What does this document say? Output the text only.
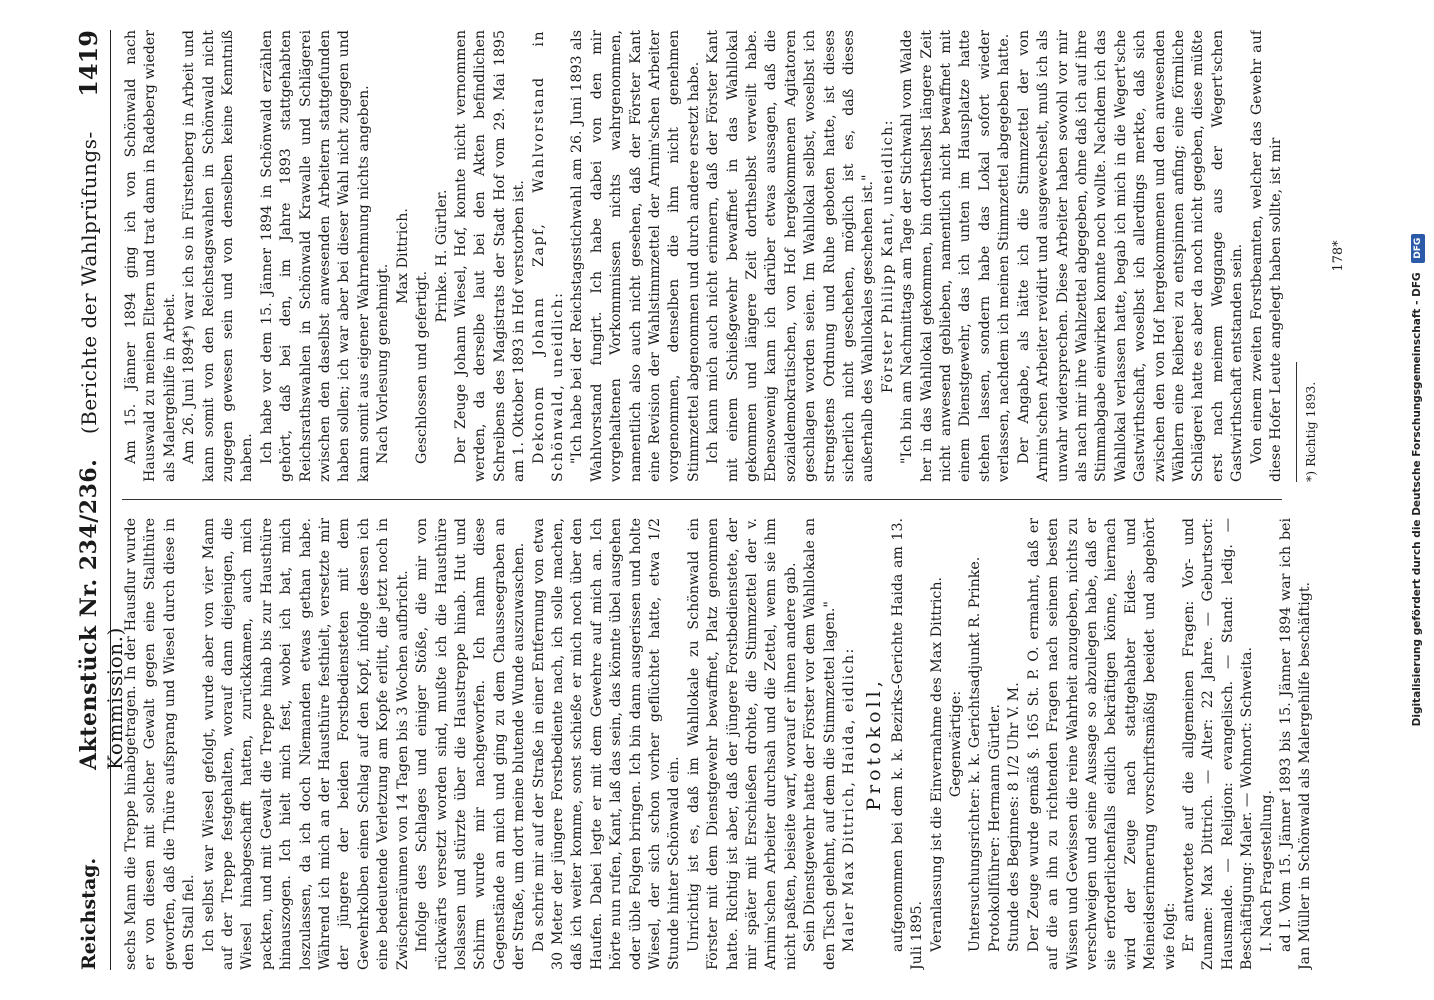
Reichstag.
Aktenstück Nr. 234/236.   (Berichte der Wahlprüfungs-Kommission.)
1419

sechs Mann die Treppe hinabgetragen. In der Hausflur wurde er von diesen mit solcher Gewalt gegen eine Stallthüre geworfen, daß die Thüre aufsprang und Wiesel durch diese in den Stall fiel. Ich selbst war Wiesel gefolgt, wurde aber von vier Mann auf der Treppe festgehalten, worauf dann diejenigen, die Wiesel hinabgeschafft hatten, zurückkamen, auch mich packten, und mit Gewalt die Treppe hinab bis zur Hausthüre hinauszogen. Ich hielt mich fest, wobei ich bat, mich loszulassen, da ich doch Niemanden etwas gethan habe. Während ich mich an der Hausthüre festhielt, versetzte mir der jüngere der beiden Forstbediensteten mit dem Gewehrkolben einen Schlag auf den Kopf, infolge dessen ich eine bedeutende Verletzung am Kopfe erlitt, die jetzt noch in Zwischenräumen von 14 Tagen bis 3 Wochen aufbricht. Infolge des Schlages und einiger Stöße, die mir von rückwärts versetzt worden sind, mußte ich die Hausthüre loslassen und stürzte über die Haustreppe hinab. Hut und Schirm wurde mir nachgeworfen. Ich nahm diese Gegenstände an mich und ging zu dem Chausseegraben an der Straße, um dort meine blutende Wunde auszuwaschen. Da schrie mir auf der Straße in einer Entfernung von etwa 30 Meter der jüngere Forstbediente nach, ich solle machen, daß ich weiter komme, sonst schieße er mich noch über den Haufen. Dabei legte er mit dem Gewehre auf mich an. Ich hörte nun rufen, Kant, laß das sein, das könnte übel ausgehen oder üble Folgen bringen. Ich bin dann ausgerissen und holte Wiesel, der sich schon vorher geflüchtet hatte, etwa 1/2 Stunde hinter Schönwald ein. Unrichtig ist es, daß im Wahllokale zu Schönwald ein Förster mit dem Dienstgewehr bewaffnet, Platz genommen hatte. Richtig ist aber, daß der jüngere Forstbedienstete, der mir später mit Erschießen drohte, die Stimmzettel der v. Arnim'schen Arbeiter durchsah und die Zettel, wenn sie ihm nicht paßten, beiseite warf, worauf er ihnen andere gab. Sein Dienstgewehr hatte der Förster vor dem Wahllokale an den Tisch gelehnt, auf dem die Stimmzettel lagen." Maler Max Dittrich, Haida, eidlich: Protokoll, aufgenommen bei dem k. k. Bezirks-Gerichte Haida am 13. Juli 1895. Veranlassung ist die Einvernahme des Max Dittrich. Gegenwärtige: Untersuchungsrichter: k. k. Gerichtsadjunkt R. Prinke. Protokollführer: Hermann Gürtler. Stunde des Beginnes: 8 1/2 Uhr V. M. Der Zeuge wurde gemäß §. 165 St. P. O. ermahnt, daß er auf die an ihn zu richtenden Fragen nach seinem besten Wissen und Gewissen die reine Wahrheit anzugeben, nichts zu verschweigen und seine Aussage so abzulegen habe, daß er sie erforderlichenfalls eidlich bekräftigen könne, hiernach wird der Zeuge nach stattgehabter Eides- und Meineidserinnerung vorschriftsmäßig beeidet und abgehört wie folgt: Er antwortete auf die allgemeinen Fragen: Vor- und Zuname: Max Dittrich. — Alter: 22 Jahre. — Geburtsort: Hausmalde. — Religion: evangelisch. — Stand: ledig. — Beschäftigung: Maler. — Wohnort: Schweita. I. Nach Fragestellung. ad I. Vom 15. Jänner 1893 bis 15. Jänner 1894 war ich bei Jan Müller in Schönwald als Malergehilfe beschäftigt.

Am 15. Jänner 1894 ging ich von Schönwald nach Hauswald zu meinen Eltern und trat dann in Radeberg wieder als Malergehilfe in Arbeit. Am 26. Juni 1894*) war ich so in Fürstenberg in Arbeit und kann somit von den Reichstagswahlen in Schönwald nicht zugegen gewesen sein und von denselben keine Kenntniß haben. Ich habe vor dem 15. Jänner 1894 in Schönwald erzählen gehört, daß bei den, im Jahre 1893 stattgehabten Reichsrathswahlen in Schönwald Krawalle und Schlägerei zwischen den daselbst anwesenden Arbeitern stattgefunden haben sollen; ich war aber bei dieser Wahl nicht zugegen und kann somit aus eigener Wahrnehmung nichts angeben. Nach Vorlesung genehmigt.

Max Dittrich.

Geschlossen und gefertigt.

Prinke. H. Gürtler. Der Zeuge Johann Wiesel, Hof, konnte nicht vernommen werden, da derselbe laut bei den Akten befindlichen Schreibens des Magistrats der Stadt Hof vom 29. Mai 1895 am 1. Oktober 1893 in Hof verstorben ist. Dekonom Johann Zapf, Wahlvorstand in Schönwald, uneidlich: "Ich habe bei der Reichstagsstichwahl am 26. Juni 1893 als Wahlvorstand fungirt. Ich habe dabei von den mir vorgehaltenen Vorkommnissen nichts wahrgenommen, namentlich also auch nicht gesehen, daß der Förster Kant eine Revision der Wahlstimmzettel der Arnim'schen Arbeiter vorgenommen, denselben die ihm nicht genehmen Stimmzettel abgenommen und durch andere ersetzt habe. Ich kann mich auch nicht erinnern, daß der Förster Kant mit einem Schießgewehr bewaffnet in das Wahllokal gekommen und längere Zeit dorthselbst verweilt habe. Ebensowenig kann ich darüber etwas aussagen, daß die sozialdemokratischen, von Hof hergekommenen Agitatoren geschlagen worden seien. Im Wahllokal selbst, woselbst ich strengstens Ordnung und Ruhe geboten hatte, ist dieses sicherlich nicht geschehen, möglich ist es, daß dieses außerhalb des Wahllokales geschehen ist." Förster Philipp Kant, uneidlich: "Ich bin am Nachmittags am Tage der Stichwahl vom Walde her in das Wahllokal gekommen, bin dorthselbst längere Zeit nicht anwesend geblieben, namentlich nicht bewaffnet mit einem Dienstgewehr, das ich unten im Hausplatze hatte stehen lassen, sondern habe das Lokal sofort wieder verlassen, nachdem ich meinen Stimmzettel abgegeben hatte. Der Angabe, als hätte ich die Stimmzettel der von Arnim'schen Arbeiter revidirt und ausgewechselt, muß ich als unwahr widersprechen. Diese Arbeiter haben sowohl vor mir als nach mir ihre Wahlzettel abgegeben, ohne daß ich auf ihre Stimmabgabe einwirken konnte noch wollte. Nachdem ich das Wahllokal verlassen hatte, begab ich mich in die Wegert'sche Gastwirthschaft, woselbst ich allerdings merkte, daß sich zwischen den von Hof hergekommenen und den anwesenden Wählern eine Reiberei zu entspinnen anfing; eine förmliche Schlägerei hatte es aber da noch nicht gegeben, diese müßte erst nach meinem Weggange aus der Wegert'schen Gastwirthschaft entstanden sein. Von einem zweiten Forstbeamten, welcher das Gewehr auf diese Hofer Leute angelegt haben sollte, ist mir *) Richtig 1893.

178*

Digitalisierung gefördert durch die Deutsche Forschungsgemeinschaft - DFG DFG
